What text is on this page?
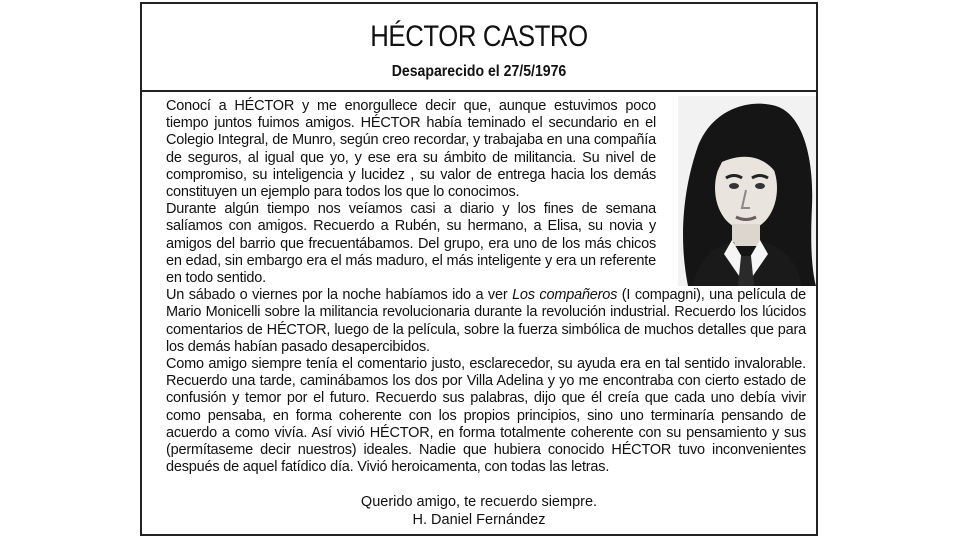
HÉCTOR CASTRO
Desaparecido el 27/5/1976

Conocí a HÉCTOR y me enorgullece decir que, aunque estuvimos poco tiempo juntos fuimos amigos. HÉCTOR había teminado el secundario en el Colegio Integral, de Munro, según creo recordar, y trabajaba en una compañía de seguros, al igual que yo, y ese era su ámbito de militancia. Su nivel de compromiso, su inteligencia y lucidez , su valor de entrega hacia los demás constituyen un ejemplo para todos los que lo conocimos.

Durante algún tiempo nos veíamos casi a diario y los fines de semana salíamos con amigos. Recuerdo a Rubén, su hermano, a Elisa, su novia y amigos del barrio que frecuentábamos. Del grupo, era uno de los más chicos en edad, sin embargo era el más maduro, el más inteligente y era un referente en todo sentido.

Un sábado o viernes por la noche habíamos ido a ver Los compañeros (I compagni), una película de Mario Monicelli sobre la militancia revolucionaria durante la revolución industrial. Recuerdo los lúcidos comentarios de HÉCTOR, luego de la película, sobre la fuerza simbólica de muchos detalles que para los demás habían pasado desapercibidos.

Como amigo siempre tenía el comentario justo, esclarecedor, su ayuda era en tal sentido invalorable. Recuerdo una tarde, caminábamos los dos por Villa Adelina y yo me encontraba con cierto estado de confusión y temor por el futuro. Recuerdo sus palabras, dijo que él creía que cada uno debía vivir como pensaba, en forma coherente con los propios principios, sino uno terminaría pensando de acuerdo a como vivía. Así vivió HÉCTOR, en forma totalmente coherente con su pensamiento y sus (permítaseme decir nuestros) ideales. Nadie que hubiera conocido HÉCTOR tuvo inconvenientes después de aquel fatídico día. Vivió heroicamenta, con todas las letras.

Querido amigo, te recuerdo siempre.
H. Daniel Fernández
